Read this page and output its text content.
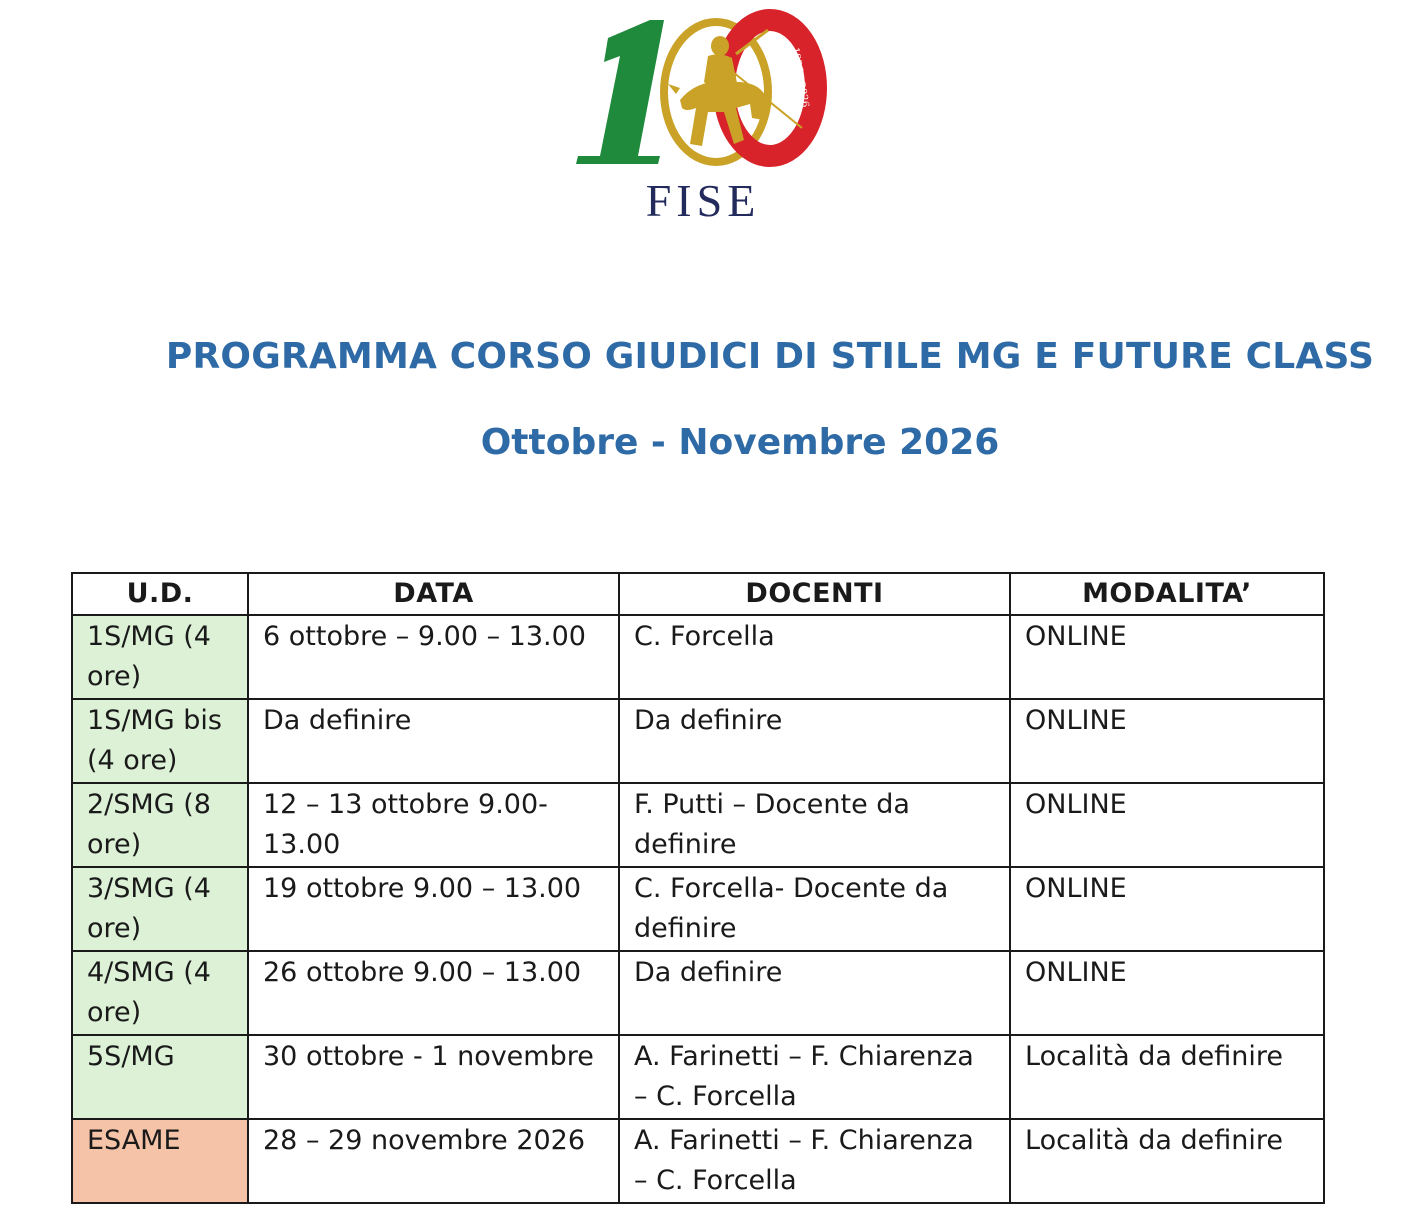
1926 - 2026
FISE
PROGRAMMA CORSO GIUDICI DI STILE MG E FUTURE CLASS
Ottobre - Novembre 2026
U.D.	DATA	DOCENTI	MODALITA’
1S/MG (4 ore)	6 ottobre – 9.00 – 13.00	C. Forcella	ONLINE
1S/MG bis (4 ore)	Da definire	Da definire	ONLINE
2/SMG (8 ore)	12 – 13 ottobre 9.00-13.00	F. Putti – Docente da definire	ONLINE
3/SMG (4 ore)	19 ottobre 9.00 – 13.00	C. Forcella- Docente da definire	ONLINE
4/SMG (4 ore)	26 ottobre 9.00 – 13.00	Da definire	ONLINE
5S/MG	30 ottobre - 1 novembre	A. Farinetti – F. Chiarenza – C. Forcella	Località da definire
ESAME	28 – 29 novembre 2026	A. Farinetti – F. Chiarenza – C. Forcella	Località da definire
